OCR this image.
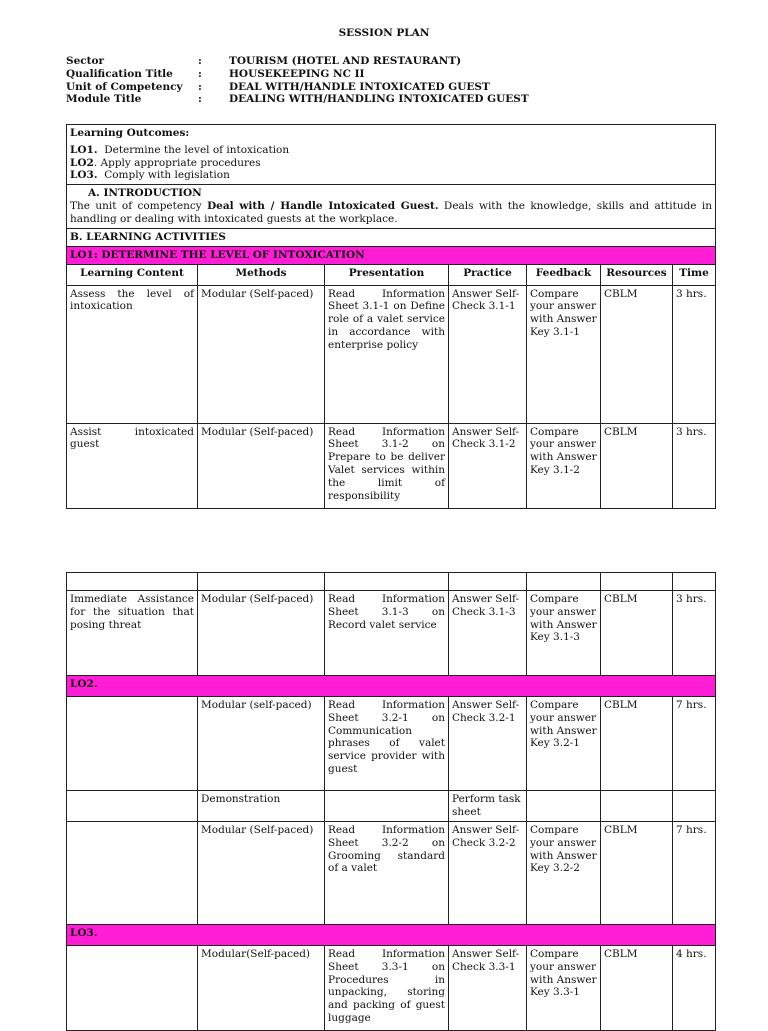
SESSION PLAN
Sector	:	TOURISM (HOTEL AND RESTAURANT)
Qualification Title	:	HOUSEKEEPING NC II
Unit of Competency	:	DEAL WITH/HANDLE INTOXICATED GUEST
Module Title	:	DEALING WITH/HANDLING INTOXICATED GUEST
Learning Outcomes:
LO1. Determine the level of intoxication
LO2. Apply appropriate procedures
LO3. Comply with legislation						

A. INTRODUCTION
The unit of competency Deal with / Handle Intoxicated Guest. Deals with the knowledge, skills and attitude in handling or dealing with intoxicated guests at the workplace.						

B. LEARNING ACTIVITIES						
LO1: DETERMINE THE LEVEL OF INTOXICATION						
Learning Content	Methods	Presentation	Practice	Feedback	Resources	Time
Assess the level of intoxication	Modular (Self-paced)	Read Information Sheet 3.1-1 on Define role of a valet service in accordance with enterprise policy	Answer Self-Check 3.1-1	Compare your answer with Answer Key 3.1-1	CBLM	3 hrs.
Assist intoxicated guest	Modular (Self-paced)	Read Information Sheet 3.1-2 on Prepare to be deliver Valet services within the limit of responsibility	Answer Self-Check 3.1-2	Compare your answer with Answer Key 3.1-2	CBLM	3 hrs.

Immediate Assistance for the situation that posing threat	Modular (Self-paced)	Read Information Sheet 3.1-3 on Record valet service	Answer Self-Check 3.1-3	Compare your answer with Answer Key 3.1-3	CBLM	3 hrs.
LO2.						
	Modular (self-paced)	Read Information Sheet 3.2-1 on Communication phrases of valet service provider with guest	Answer Self-Check 3.2-1	Compare your answer with Answer Key 3.2-1	CBLM	7 hrs.
	Demonstration		Perform task sheet			
	Modular (Self-paced)	Read Information Sheet 3.2-2 on Grooming standard of a valet	Answer Self-Check 3.2-2	Compare your answer with Answer Key 3.2-2	CBLM	7 hrs.
LO3.						
	Modular(Self-paced)	Read Information Sheet 3.3-1 on Procedures in unpacking, storing and packing of guest luggage	Answer Self-Check 3.3-1	Compare your answer with Answer Key 3.3-1	CBLM	4 hrs.
